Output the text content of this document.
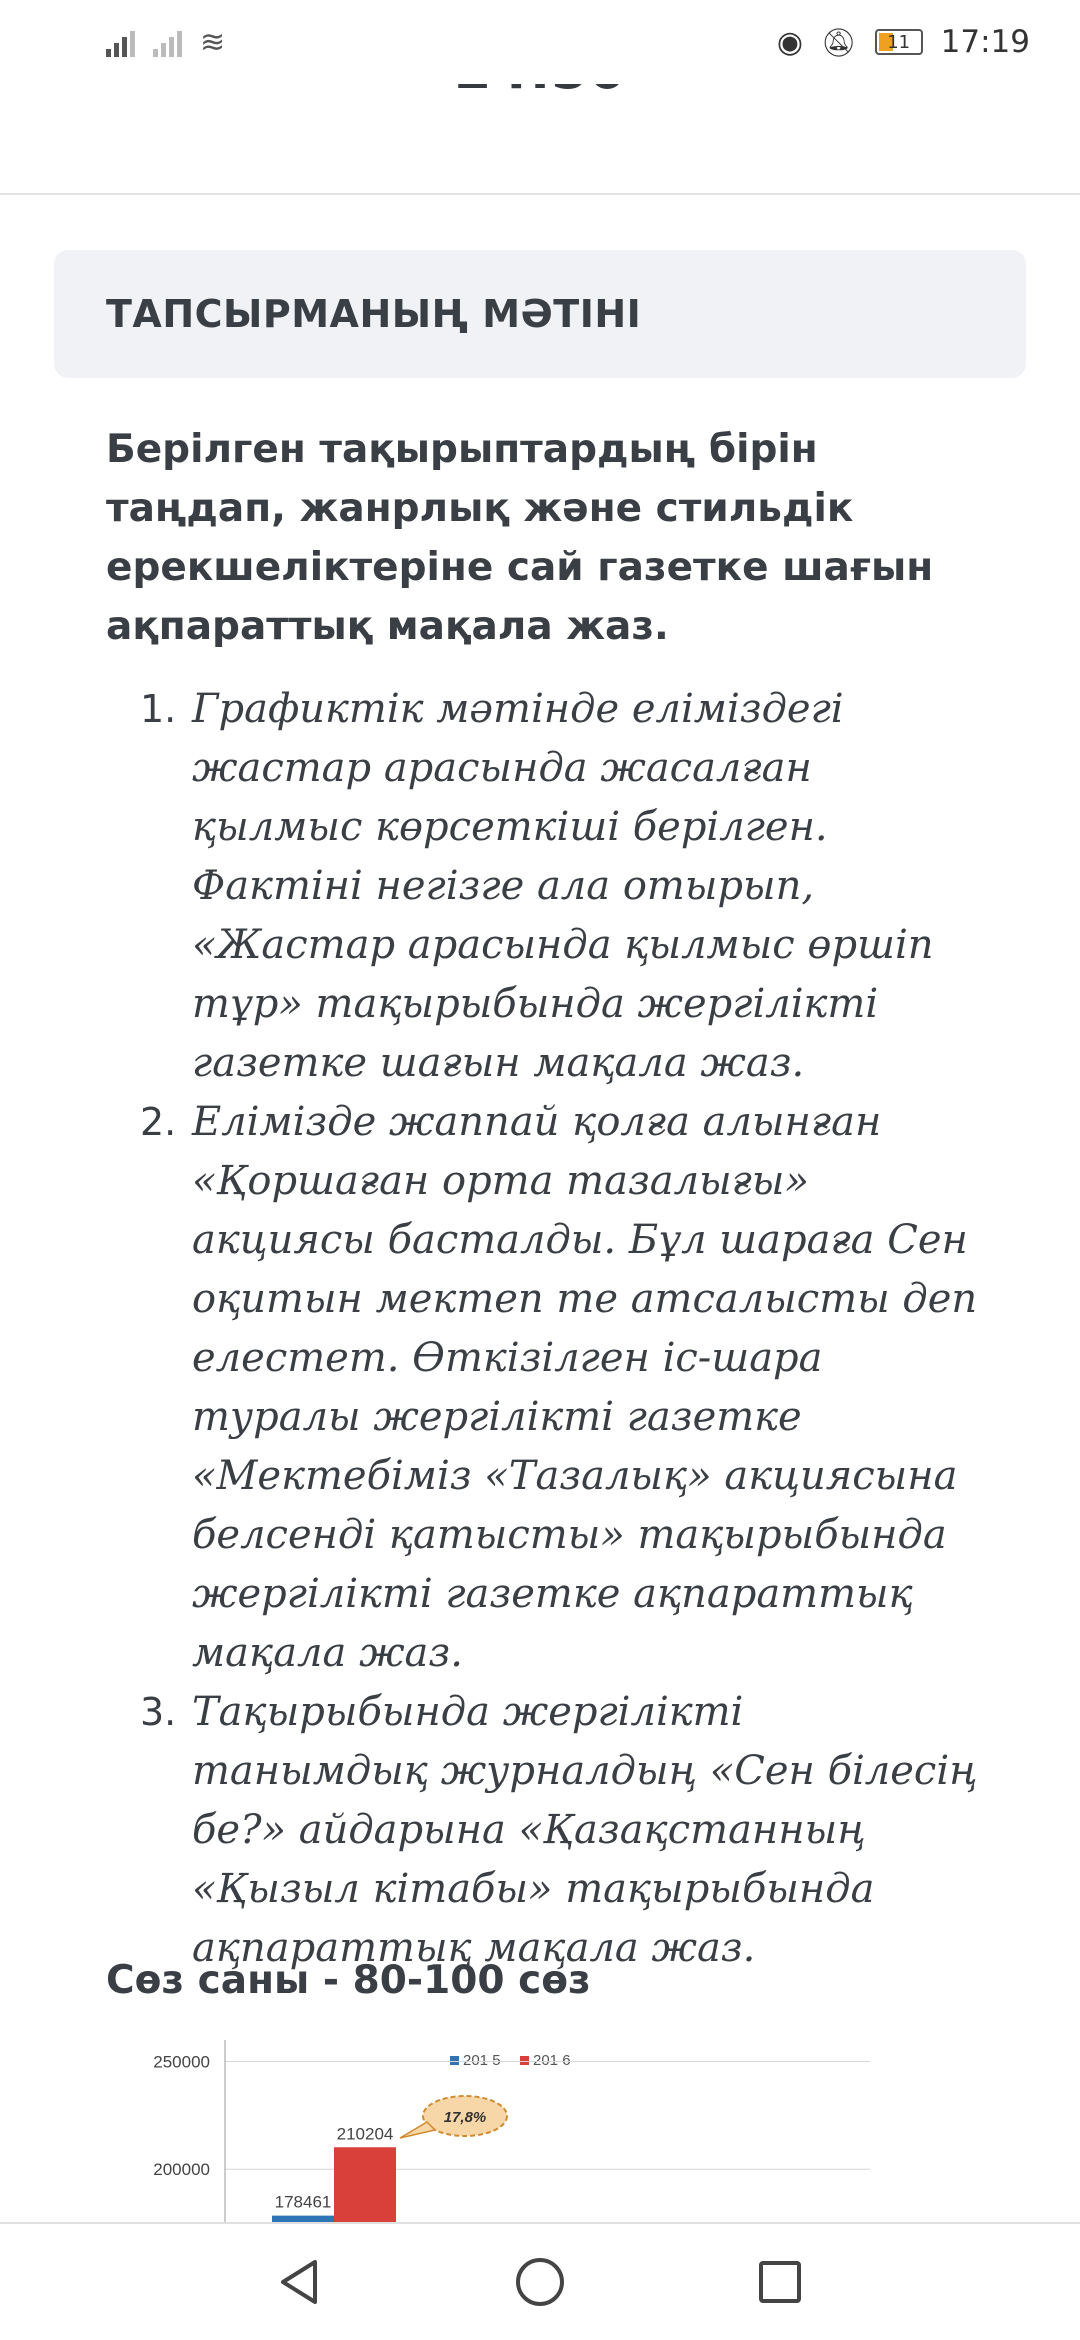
≋	◉ 🔕︎ 11 17:19
ТАПСЫРМАНЫҢ МӘТІНІ
Берілген тақырыптардың бірін таңдап, жанрлық және стильдік ерекшеліктеріне сай газетке шағын ақпараттық мақала жаз.
1. Графиктік мәтінде еліміздегі жастар арасында жасалған қылмыс көрсеткіші берілген. Фактіні негізге ала отырып, «Жастар арасында қылмыс өршіп тұр» тақырыбында жергілікті газетке шағын мақала жаз.
2. Елімізде жаппай қолға алынған «Қоршаған орта тазалығы» акциясы басталды. Бұл шараға Сен оқитын мектеп те атсалысты деп елестет. Өткізілген іс-шара туралы жергілікті газетке «Мектебіміз «Тазалық» акциясына белсенді қатысты» тақырыбында жергілікті газетке ақпараттық мақала жаз.
3. Тақырыбында жергілікті танымдық журналдың «Сен білесің бе?» айдарына «Қазақстанның «Қызыл кітабы» тақырыбында ақпараттық мақала жаз.
Сөз саны - 80-100 сөз
201 5 201 6
250000
200000
178461
210204
17,8%
